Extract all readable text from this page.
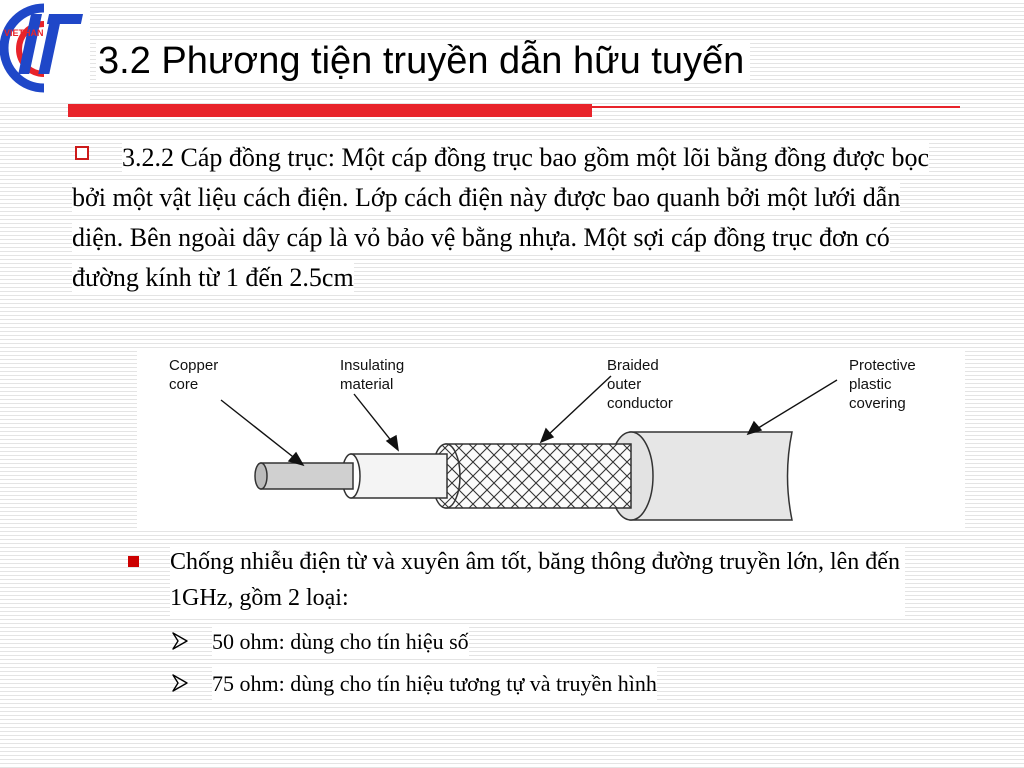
VIETHAN
3.2 Phương tiện truyền dẫn hữu tuyến

3.2.2 Cáp đồng trục: Một cáp đồng trục bao gồm một lõi bằng đồng được bọc bởi một vật liệu cách điện. Lớp cách điện này được bao quanh bởi một lưới dẫn diện. Bên ngoài dây cáp là vỏ bảo vệ bằng nhựa. Một sợi cáp đồng trục đơn có đường kính từ 1 đến 2.5cm

Copper
core
Insulating
material
Braided
outer
conductor
Protective
plastic
covering

Chống nhiễu điện từ và xuyên âm tốt, băng thông đường truyền lớn, lên đến 1GHz, gồm 2 loại:

50 ohm: dùng cho tín hiệu số
75 ohm: dùng cho tín hiệu tương tự và truyền hình
